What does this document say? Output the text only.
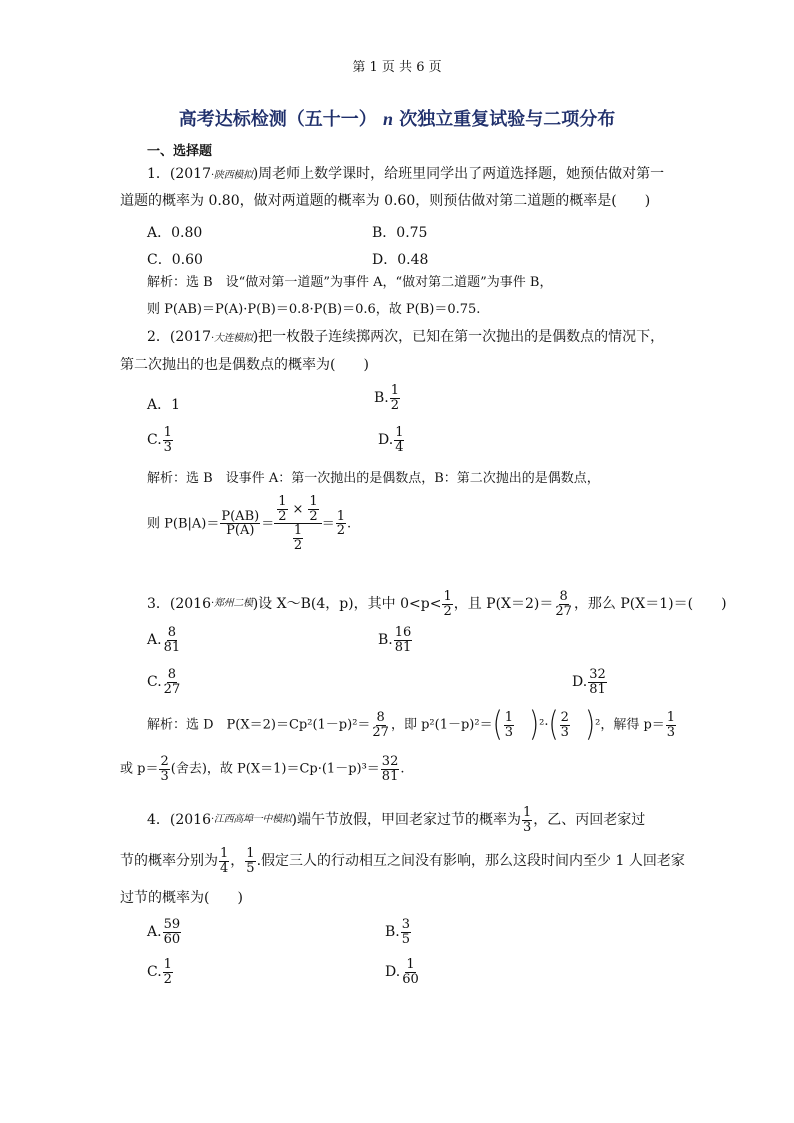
第 1 页 共 6 页
高考达标检测（五十一） n 次独立重复试验与二项分布
一、选择题
1．(2017·陕西模拟)周老师上数学课时，给班里同学出了两道选择题，她预估做对第一
道题的概率为 0.80，做对两道题的概率为 0.60，则预估做对第二道题的概率是(　　)
A．0.80	B．0.75
C．0.60	D．0.48
解析：选 B　设“做对第一道题”为事件 A，“做对第二道题”为事件 B，
则 P(AB)＝P(A)·P(B)＝0.8·P(B)＝0.6，故 P(B)＝0.75.
2．(2017·大连模拟)把一枚骰子连续掷两次，已知在第一次抛出的是偶数点的情况下，
第二次抛出的也是偶数点的概率为(　　)
A．1	B. $\frac{1}{2}$
C. $\frac{1}{3}$	D. $\frac{1}{4}$
解析：选 B　设事件 A：第一次抛出的是偶数点，B：第二次抛出的是偶数点，
则 $P(B|A)= \frac{P(AB)}{P(A)} = \frac{\frac{1}{2} \times \frac{1}{2}}{\frac{1}{2}} = \frac{1}{2}$ .
3．(2016·郑州二模)设 X～B(4，p)，其中 $0<p< \frac{1}{2}$ ，且 $P(X=2)= \frac{8}{27}$ ，那么 P(X＝1)＝(　　)
A. $\frac{8}{81}$	B. $\frac{16}{81}$
C. $\frac{8}{27}$	D. $\frac{32}{81}$
解析：选 D　$P(X=2)=Cp^2(1-p)^2= \frac{8}{27}$ ，即 $p^2(1-p)^2=( \frac{1}{3} )^2\cdot( \frac{2}{3} )^2$，解得 $p= \frac{1}{3}$
或 $p= \frac{2}{3}$ (舍去)，故 $P(X=1)=Cp\cdot(1-p)^3= \frac{32}{81}$ .
4．(2016·江西高埠一中模拟)端午节放假，甲回老家过节的概率为 $\frac{1}{3}$ ，乙、丙回老家过
节的概率分别为 $\frac{1}{4}$ ， $\frac{1}{5}$ .假定三人的行动相互之间没有影响，那么这段时间内至少 1 人回老家
过节的概率为(　　)
A. $\frac{59}{60}$	B. $\frac{3}{5}$
C. $\frac{1}{2}$	D. $\frac{1}{60}$
